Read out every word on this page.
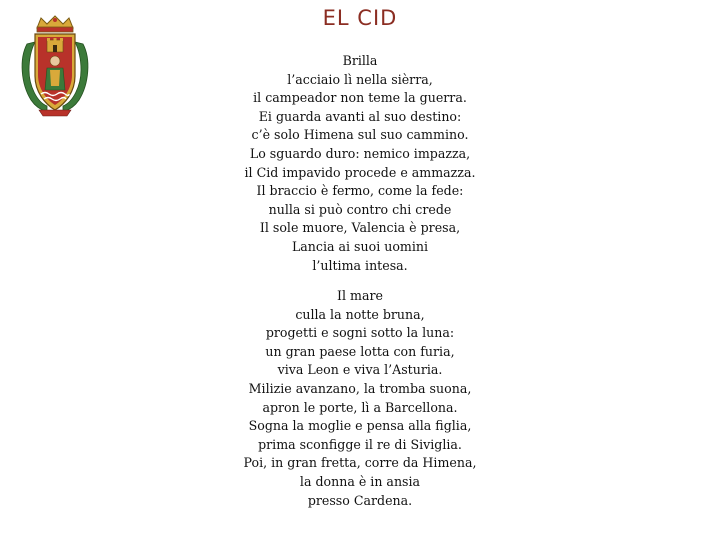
EL CID
Brilla
l’acciaio lì nella sièrra,
il campeador non teme la guerra.
Ei guarda avanti al suo destino:
c’è solo Himena sul suo cammino.
Lo sguardo duro: nemico impazza,
il Cid impavido procede e ammazza.
Il braccio è fermo, come la fede:
nulla si può contro chi crede
Il sole muore, Valencia è presa,
Lancia ai suoi uomini
l’ultima intesa.
Il mare
culla la notte bruna,
progetti e sogni sotto la luna:
un gran paese lotta con furia,
viva Leon e viva l’Asturia.
Milizie avanzano, la tromba suona,
apron le porte, lì a Barcellona.
Sogna la moglie e pensa alla figlia,
prima sconfigge il re di Siviglia.
Poi, in gran fretta, corre da Himena,
la donna è in ansia
presso Cardena.
